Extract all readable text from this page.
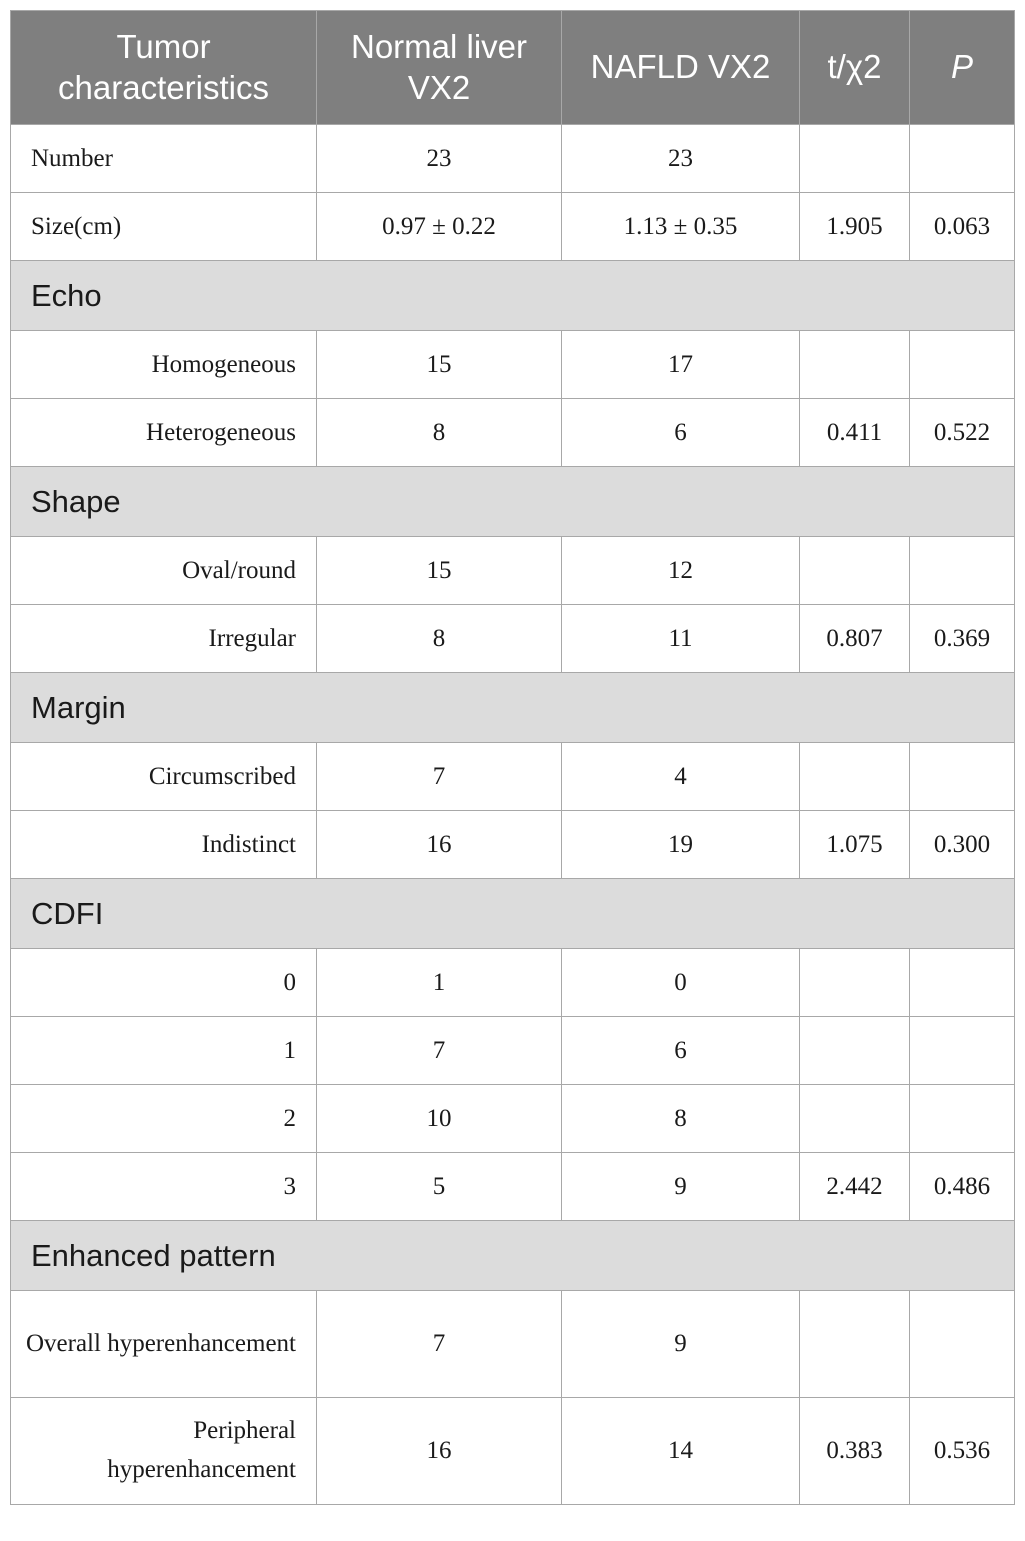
Tumor characteristics	Normal liver VX2	NAFLD VX2	t/χ2	P
Number	23	23		
Size(cm)	0.97 ± 0.22	1.13 ± 0.35	1.905	0.063
Echo				
Homogeneous	15	17		
Heterogeneous	8	6	0.411	0.522
Shape				
Oval/round	15	12		
Irregular	8	11	0.807	0.369
Margin				
Circumscribed	7	4		
Indistinct	16	19	1.075	0.300
CDFI				
0	1	0		
1	7	6		
2	10	8		
3	5	9	2.442	0.486
Enhanced pattern				
Overall hyperenhancement	7	9		
Peripheral hyperenhancement	16	14	0.383	0.536
